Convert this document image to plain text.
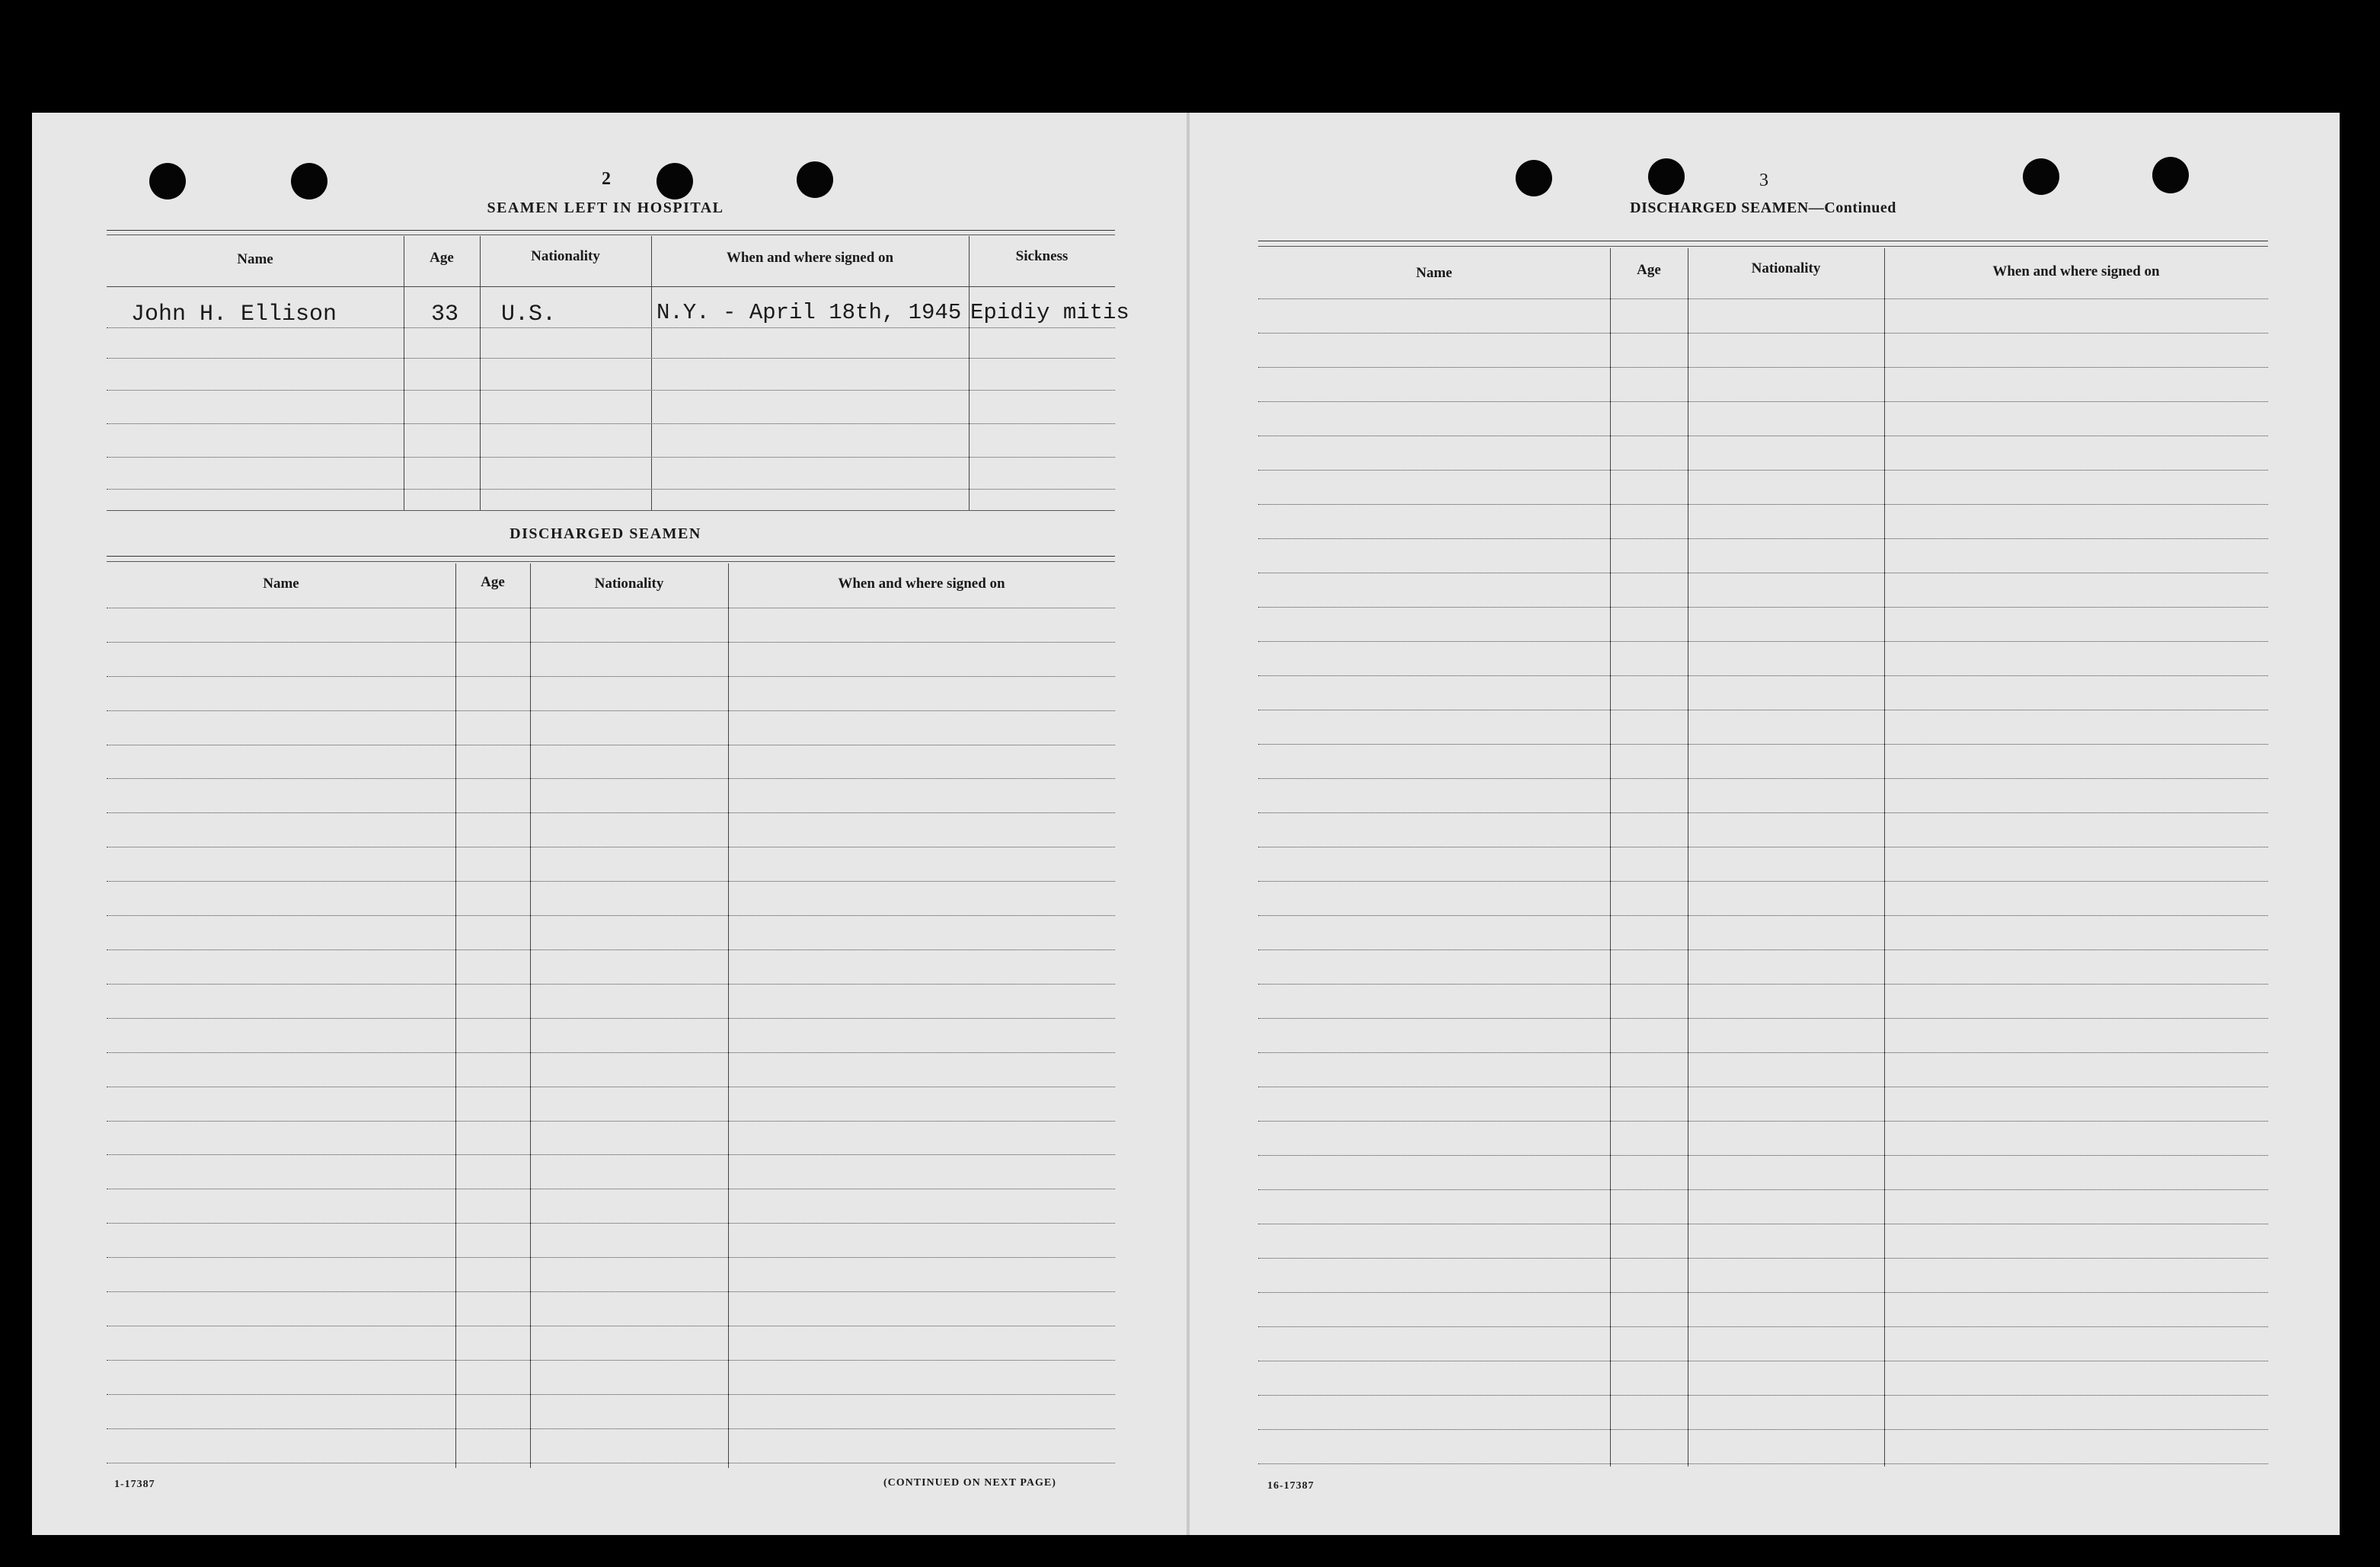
2
SEAMEN LEFT IN HOSPITAL
Name	Age	Nationality	When and where signed on	Sickness
John H. Ellison	33 U.S.	N.Y. - April 18th, 1945 Epidiy mitis
DISCHARGED SEAMEN
Name	Age	Nationality	When and where signed on
1-17387	(CONTINUED ON NEXT PAGE)
3
DISCHARGED SEAMEN—Continued
Name	Age	Nationality	When and where signed on
16-17387
